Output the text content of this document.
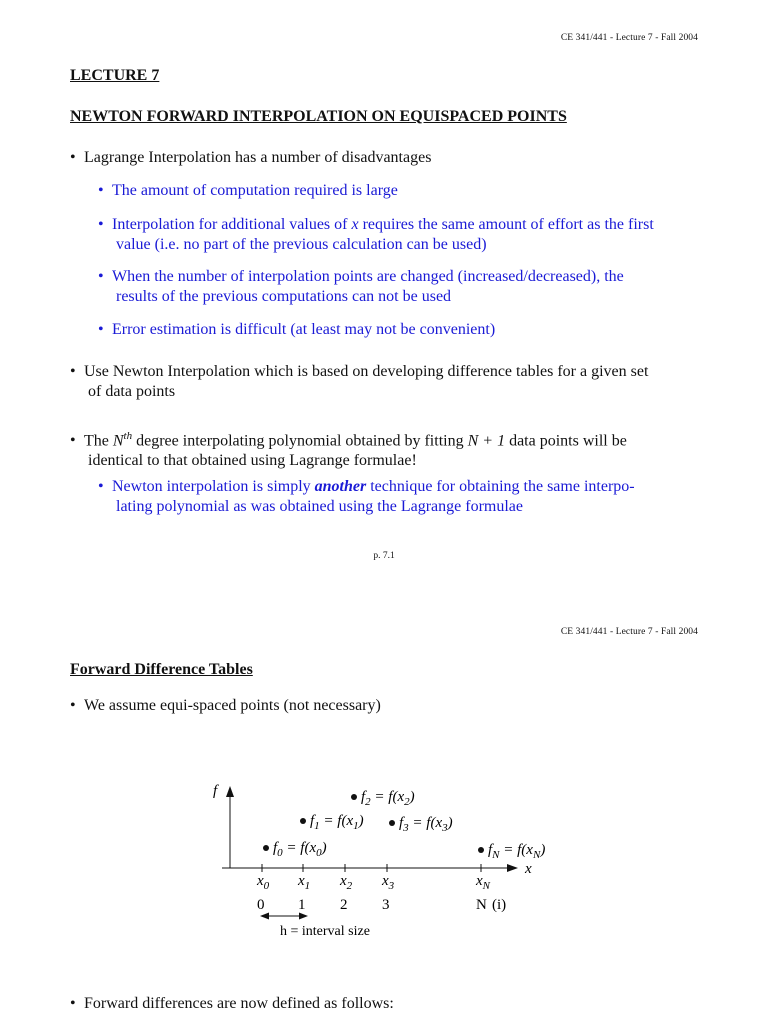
CE 341/441 - Lecture 7 - Fall 2004
LECTURE 7
NEWTON FORWARD INTERPOLATION ON EQUISPACED POINTS
• Lagrange Interpolation has a number of disadvantages
• The amount of computation required is large
• Interpolation for additional values of x requires the same amount of effort as the first
value (i.e. no part of the previous calculation can be used)
• When the number of interpolation points are changed (increased/decreased), the
results of the previous computations can not be used
• Error estimation is difficult (at least may not be convenient)
• Use Newton Interpolation which is based on developing difference tables for a given set
of data points
• The $N^{th}$ degree interpolating polynomial obtained by fitting N + 1 data points will be
identical to that obtained using Lagrange formulae!
• Newton interpolation is simply another technique for obtaining the same interpo-
lating polynomial as was obtained using the Lagrange formulae
p. 7.1
CE 341/441 - Lecture 7 - Fall 2004
Forward Difference Tables
• We assume equi-spaced points (not necessary)
f
x
$x_0$
0
$x_1$
1
$x_2$
2
$x_3$
3
$x_N$
N
$f_0 = f(x_0)$
$f_1 = f(x_1)$
$f_2 = f(x_2)$
$f_3 = f(x_3)$
$f_N = f(x_N)$
h = interval size
(i)
• Forward differences are now defined as follows:
